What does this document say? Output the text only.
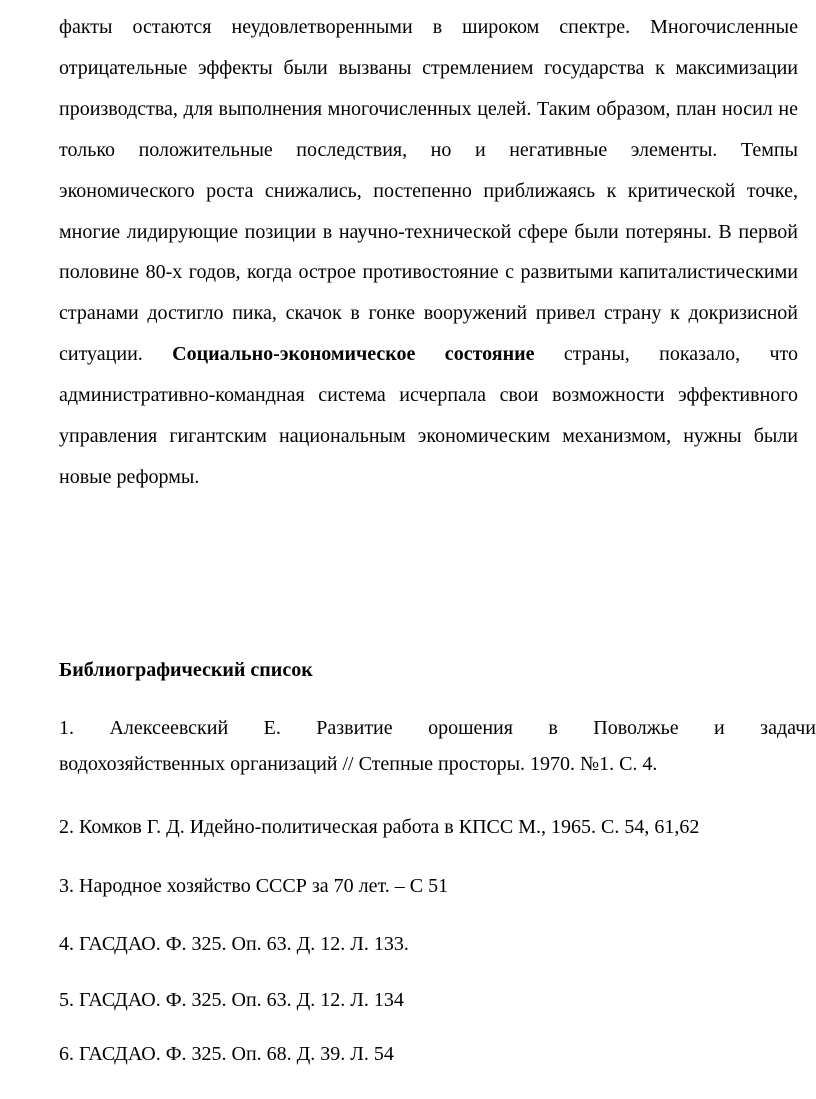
факты остаются неудовлетворенными в широком спектре. Многочисленные отрицательные эффекты были вызваны стремлением государства к максимизации производства, для выполнения многочисленных целей. Таким образом, план носил не только положительные последствия, но и негативные элементы. Темпы экономического роста снижались, постепенно приближаясь к критической точке, многие лидирующие позиции в научно-технической сфере были потеряны. В первой половине 80-х годов, когда острое противостояние с развитыми капиталистическими странами достигло пика, скачок в гонке вооружений привел страну к докризисной ситуации. Социально-экономическое состояние страны, показало, что административно-командная система исчерпала свои возможности эффективного управления гигантским национальным экономическим механизмом, нужны были новые реформы.

Библиографический список

1. Алексеевский Е. Развитие орошения в Поволжье и задачи
водохозяйственных организаций // Степные просторы. 1970. №1. С. 4.

2. Комков Г. Д. Идейно-политическая работа в КПСС М., 1965. С. 54, 61,62

3. Народное хозяйство СССР за 70 лет. – С 51

4. ГАСДАО. Ф. 325. Оп. 63. Д. 12. Л. 133.

5. ГАСДАО. Ф. 325. Оп. 63. Д. 12. Л. 134

6. ГАСДАО. Ф. 325. Оп. 68. Д. 39. Л. 54
